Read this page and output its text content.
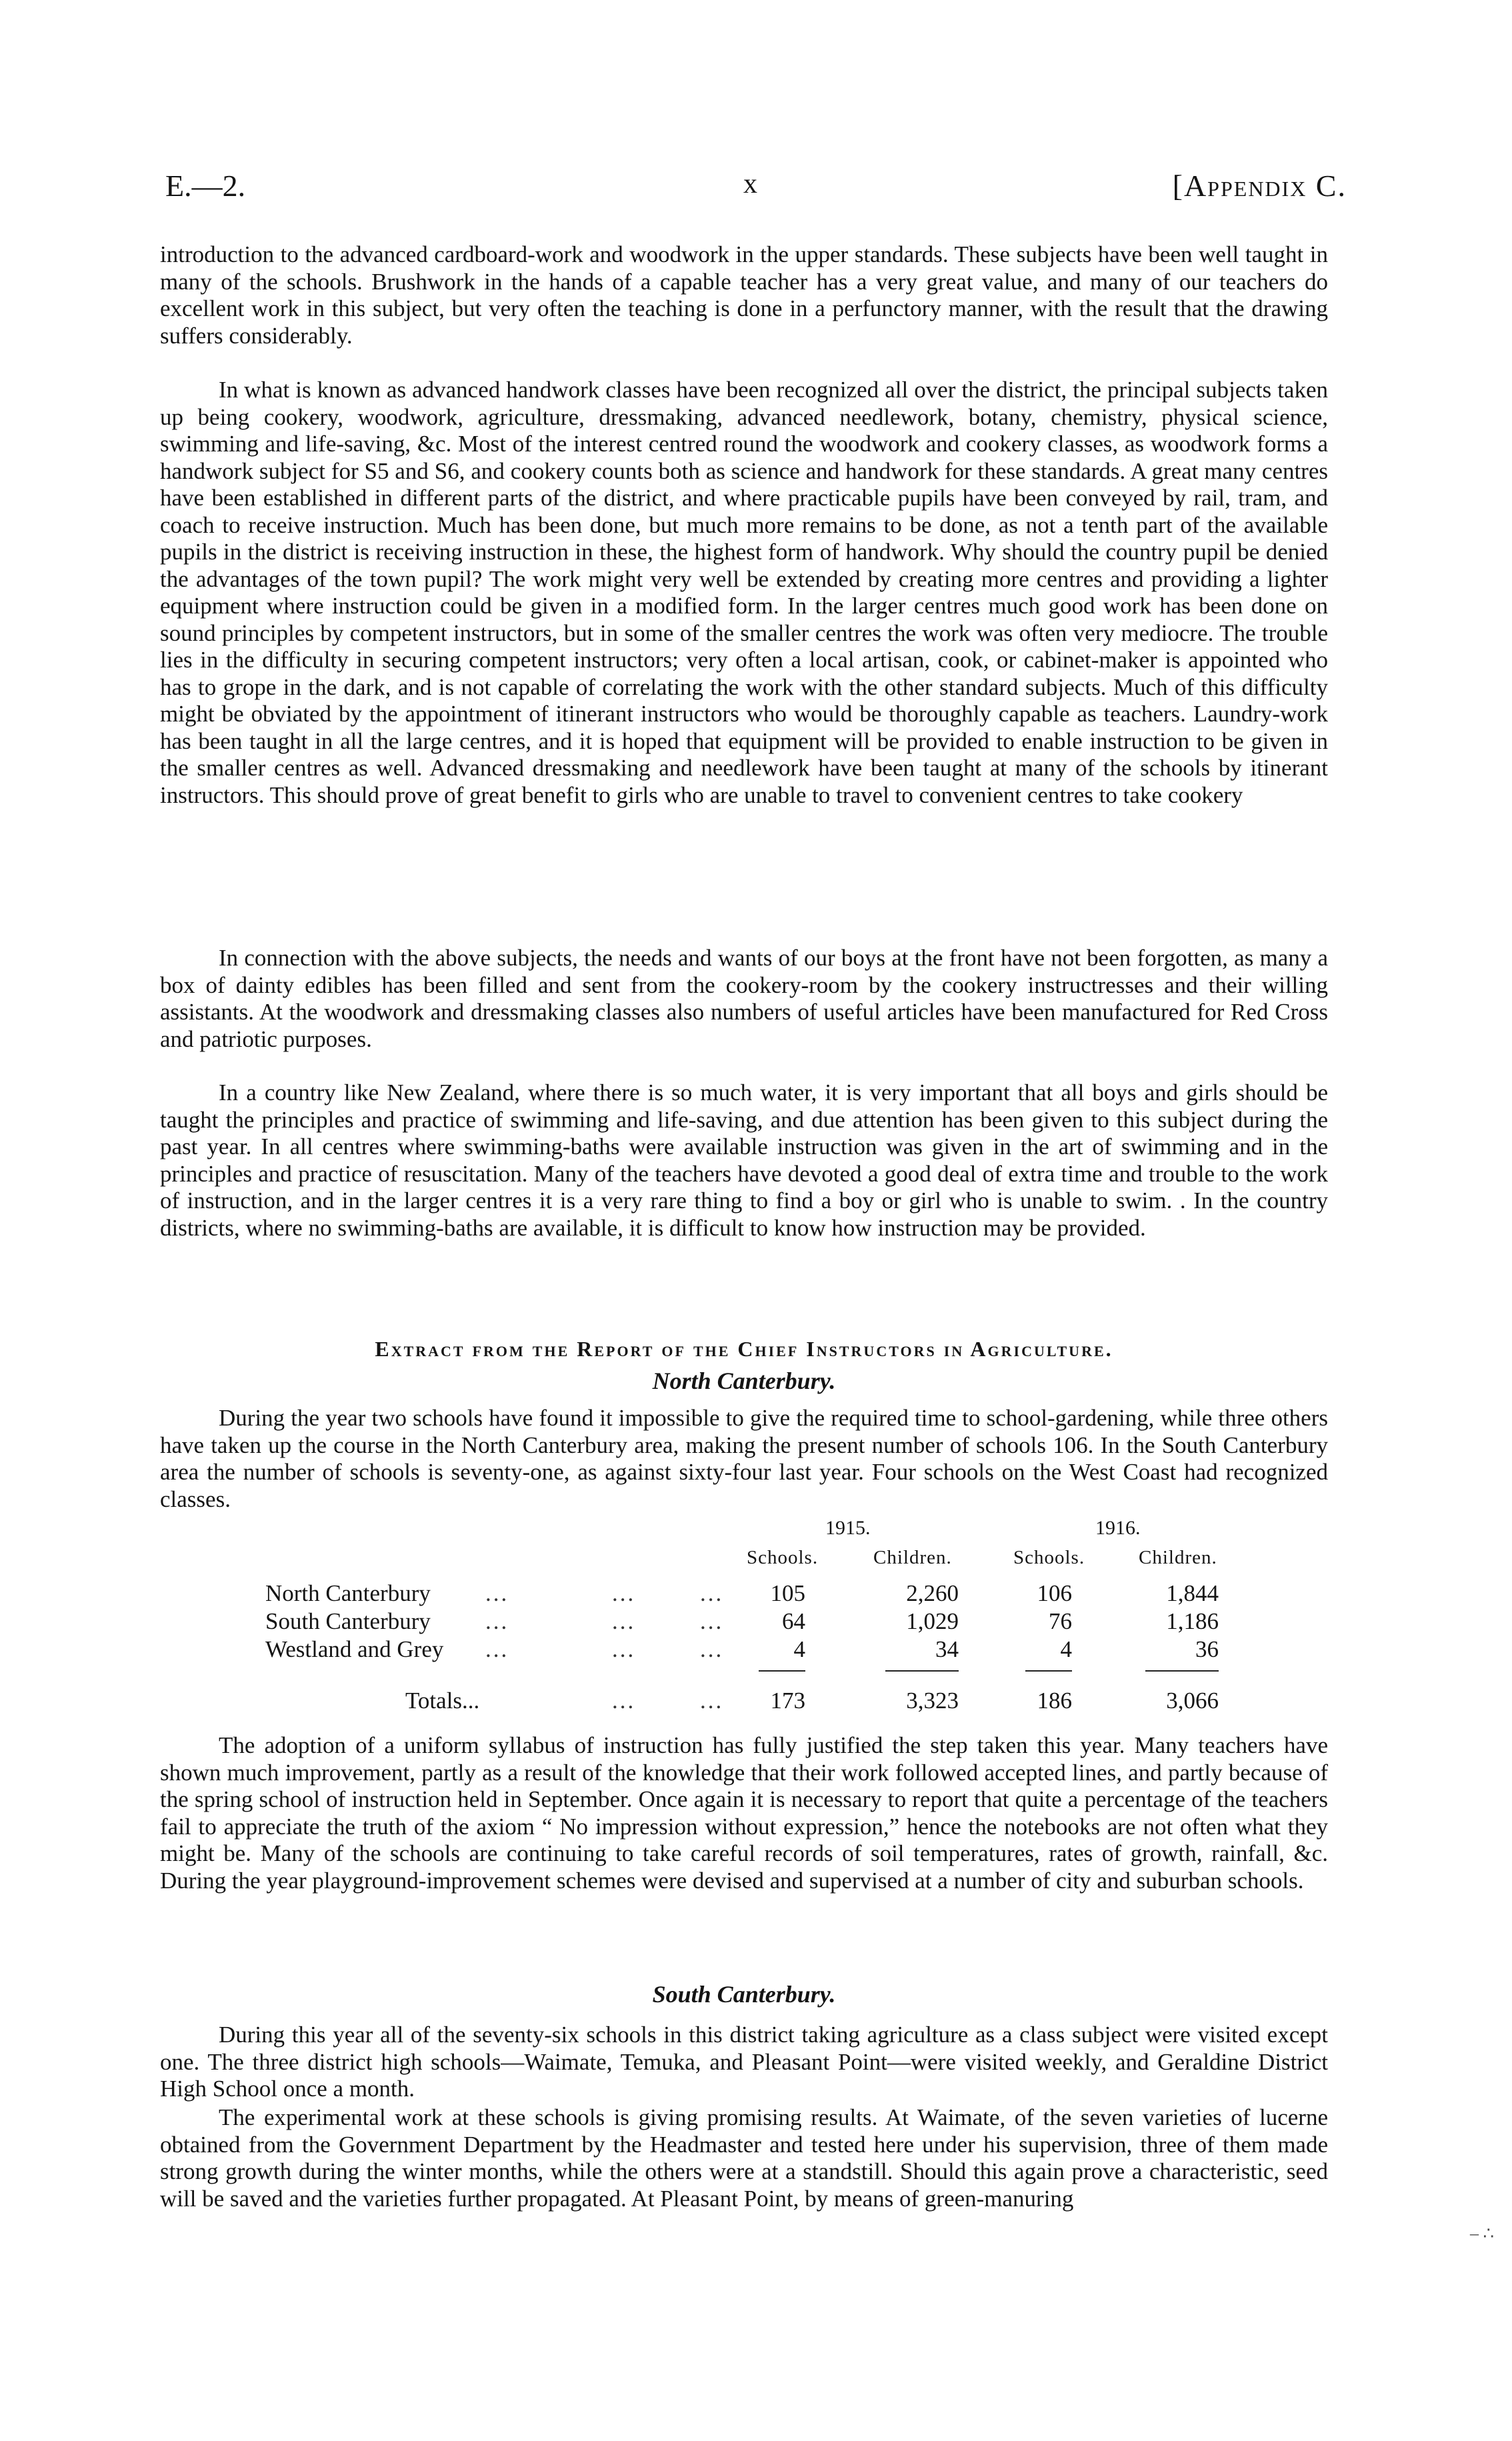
E.—2.	x	[Appendix C.

introduction to the advanced cardboard-work and woodwork in the upper standards. These subjects have been well taught in many of the schools. Brushwork in the hands of a capable teacher has a very great value, and many of our teachers do excellent work in this subject, but very often the teaching is done in a perfunctory manner, with the result that the drawing suffers considerably.

In what is known as advanced handwork classes have been recognized all over the district, the principal subjects taken up being cookery, woodwork, agriculture, dressmaking, advanced needlework, botany, chemistry, physical science, swimming and life-saving, &c. Most of the interest centred round the woodwork and cookery classes, as woodwork forms a handwork subject for S5 and S6, and cookery counts both as science and handwork for these standards. A great many centres have been established in different parts of the district, and where practicable pupils have been conveyed by rail, tram, and coach to receive instruction. Much has been done, but much more remains to be done, as not a tenth part of the available pupils in the district is receiving instruction in these, the highest form of handwork. Why should the country pupil be denied the advantages of the town pupil? The work might very well be extended by creating more centres and providing a lighter equipment where instruction could be given in a modified form. In the larger centres much good work has been done on sound principles by competent instructors, but in some of the smaller centres the work was often very mediocre. The trouble lies in the difficulty in securing competent instructors; very often a local artisan, cook, or cabinet-maker is appointed who has to grope in the dark, and is not capable of correlating the work with the other standard subjects. Much of this difficulty might be obviated by the appointment of itinerant instructors who would be thoroughly capable as teachers. Laundry-work has been taught in all the large centres, and it is hoped that equipment will be provided to enable instruction to be given in the smaller centres as well. Advanced dressmaking and needlework have been taught at many of the schools by itinerant instructors. This should prove of great benefit to girls who are unable to travel to convenient centres to take cookery

In connection with the above subjects, the needs and wants of our boys at the front have not been forgotten, as many a box of dainty edibles has been filled and sent from the cookery-room by the cookery instructresses and their willing assistants. At the woodwork and dressmaking classes also numbers of useful articles have been manufactured for Red Cross and patriotic purposes.

In a country like New Zealand, where there is so much water, it is very important that all boys and girls should be taught the principles and practice of swimming and life-saving, and due attention has been given to this subject during the past year. In all centres where swimming-baths were available instruction was given in the art of swimming and in the principles and practice of resuscitation. Many of the teachers have devoted a good deal of extra time and trouble to the work of instruction, and in the larger centres it is a very rare thing to find a boy or girl who is unable to swim. . In the country districts, where no swimming-baths are available, it is difficult to know how instruction may be provided.

Extract from the Report of the Chief Instructors in Agriculture.
North Canterbury.

During the year two schools have found it impossible to give the required time to school-gardening, while three others have taken up the course in the North Canterbury area, making the present number of schools 106. In the South Canterbury area the number of schools is seventy-one, as against sixty-four last year. Four schools on the West Coast had recognized classes.

1915.	1916.
Schools.	Children.	Schools.	Children.
North Canterbury ...	...	...	105	2,260	106	1,844
South Canterbury ...	...	...	64	1,029	76	1,186
Westland and Grey ...	...	...	4	34	4	36
Totals...	...	...	173	3,323	186	3,066

The adoption of a uniform syllabus of instruction has fully justified the step taken this year. Many teachers have shown much improvement, partly as a result of the knowledge that their work followed accepted lines, and partly because of the spring school of instruction held in September. Once again it is necessary to report that quite a percentage of the teachers fail to appreciate the truth of the axiom “ No impression without expression,” hence the notebooks are not often what they might be. Many of the schools are continuing to take careful records of soil temperatures, rates of growth, rainfall, &c. During the year playground-improvement schemes were devised and supervised at a number of city and suburban schools.

South Canterbury.

During this year all of the seventy-six schools in this district taking agriculture as a class subject were visited except one. The three district high schools—Waimate, Temuka, and Pleasant Point—were visited weekly, and Geraldine District High School once a month.

The experimental work at these schools is giving promising results. At Waimate, of the seven varieties of lucerne obtained from the Government Department by the Headmaster and tested here under his supervision, three of them made strong growth during the winter months, while the others were at a standstill. Should this again prove a characteristic, seed will be saved and the varieties further propagated. At Pleasant Point, by means of green-manuring

– ∴
